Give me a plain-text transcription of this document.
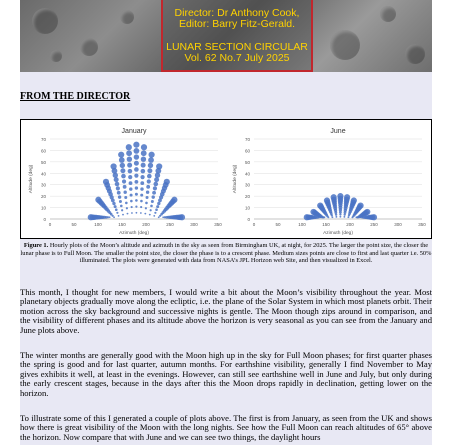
Director: Dr Anthony Cook,
Editor: Barry Fitz-Gerald.
LUNAR SECTION CIRCULAR
Vol. 62 No.7 July 2025
FROM THE DIRECTOR
January
0
10
20
30
40
50
60
70
0	50	100	150	200	250	300	350
Azimuth (deg)
Altitude (deg)
June
0
10
20
30
40
50
60
70
0	50	100	150	200	250	300	350
Azimuth (deg)
Altitude (deg)
Figure 1. Hourly plots of the Moon’s altitude and azimuth in the sky as seen from Birmingham UK, at night, for 2025. The larger the point size, the closer the lunar phase is to Full Moon. The smaller the point size, the closer the phase is to a crescent phase. Medium sizes points are close to first and last quarter i.e. 50% illuminated. The plots were generated with data from NASA’s JPL Horizon web Site, and then visualized in Excel.
This month, I thought for new members, I would write a bit about the Moon’s visibility throughout the year. Most planetary objects gradually move along the ecliptic, i.e. the plane of the Solar System in which most planets orbit. Their motion across the sky background and successive nights is gentle. The Moon though zips around in comparison, and the visibility of different phases and its altitude above the horizon is very seasonal as you can see from the January and June plots above.
The winter months are generally good with the Moon high up in the sky for Full Moon phases; for first quarter phases the spring is good and for last quarter, autumn months. For earthshine visibility, generally I find November to May gives exhibits it well, at least in the evenings. However, can still see earthshine well in June and July, but only during the early crescent stages, because in the days after this the Moon drops rapidly in declination, getting lower on the horizon.
To illustrate some of this I generated a couple of plots above. The first is from January, as seen from the UK and shows how there is great visibility of the Moon with the long nights. See how the Full Moon can reach altitudes of 65° above the horizon. Now compare that with June and we can see two things, the daylight hours
